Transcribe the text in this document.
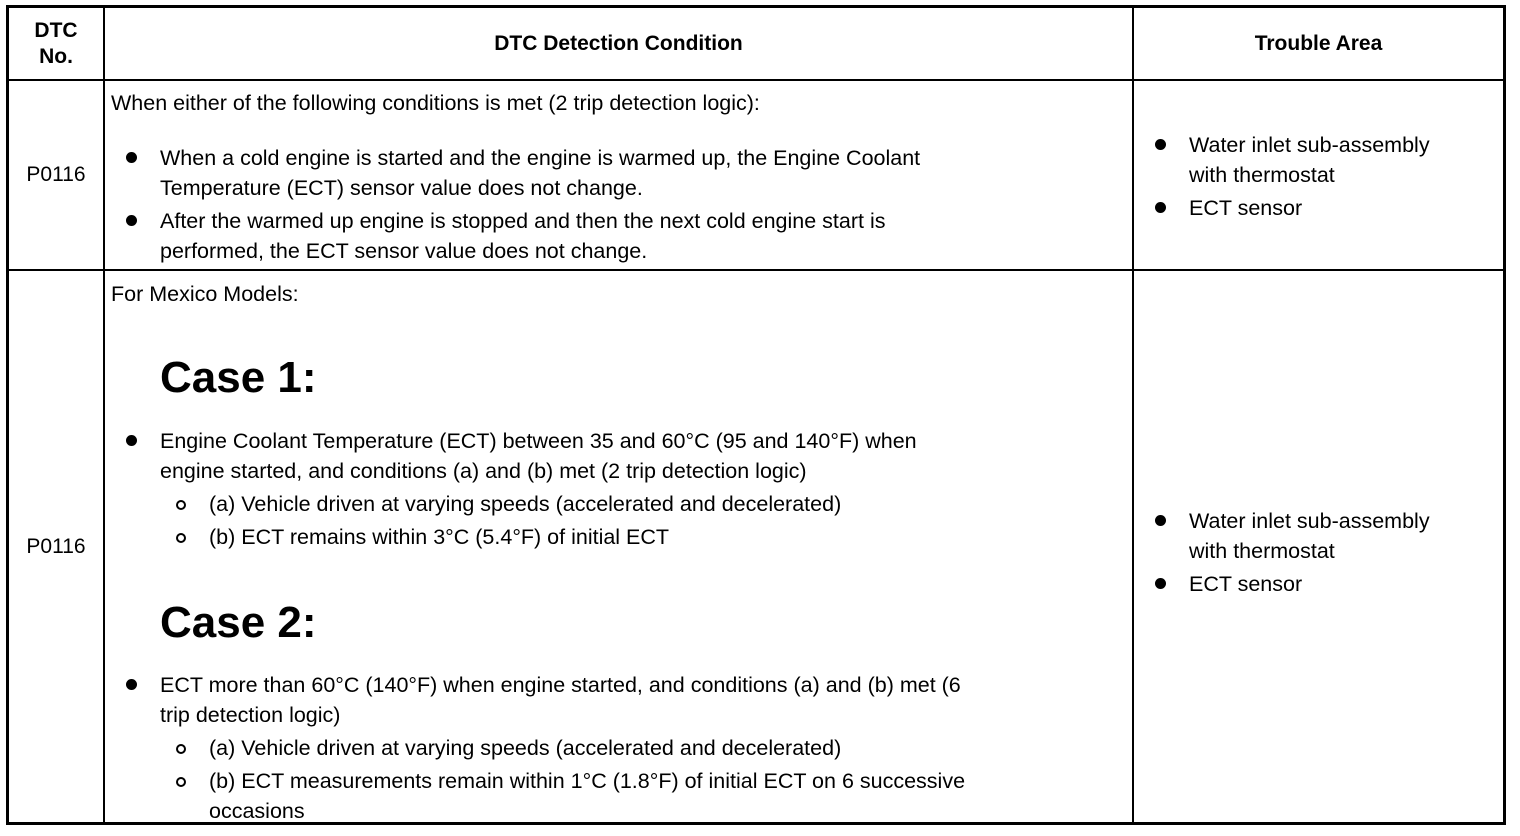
DTC No.
DTC Detection Condition	Trouble Area
P0116
When either of the following conditions is met (2 trip detection logic):
When a cold engine is started and the engine is warmed up, the Engine Coolant
Temperature (ECT) sensor value does not change.
After the warmed up engine is stopped and then the next cold engine start is
performed, the ECT sensor value does not change.
Water inlet sub-assembly
with thermostat
ECT sensor
P0116
For Mexico Models:
Case 1:
Engine Coolant Temperature (ECT) between 35 and 60°C (95 and 140°F) when
engine started, and conditions (a) and (b) met (2 trip detection logic)
(a) Vehicle driven at varying speeds (accelerated and decelerated)
(b) ECT remains within 3°C (5.4°F) of initial ECT
Case 2:
ECT more than 60°C (140°F) when engine started, and conditions (a) and (b) met (6
trip detection logic)
(a) Vehicle driven at varying speeds (accelerated and decelerated)
(b) ECT measurements remain within 1°C (1.8°F) of initial ECT on 6 successive
occasions
Water inlet sub-assembly
with thermostat
ECT sensor
